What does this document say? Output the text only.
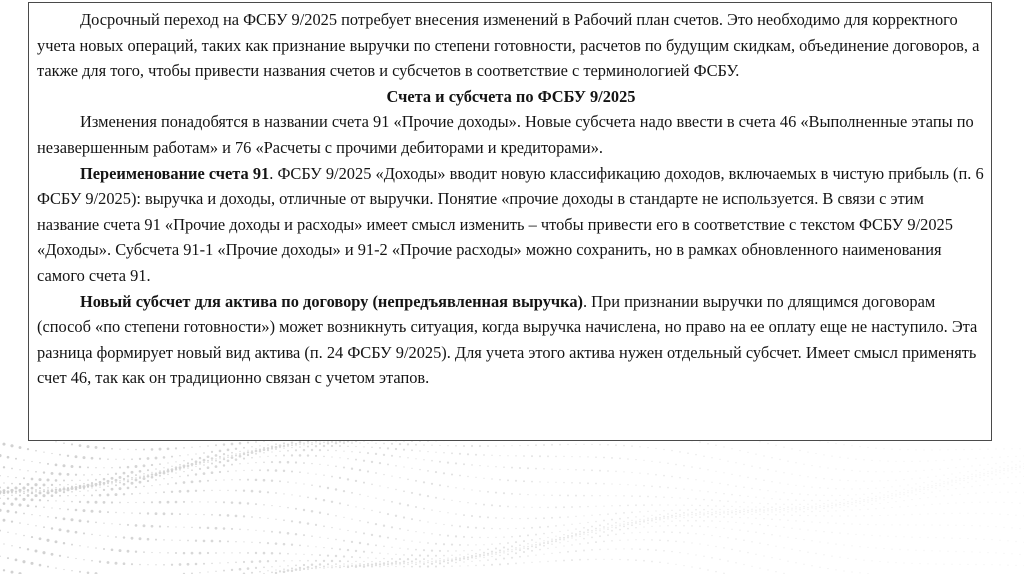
Досрочный переход на ФСБУ 9/2025 потребует внесения изменений в Рабочий план счетов. Это необходимо для корректного учета новых операций, таких как признание выручки по степени готовности, расчетов по будущим скидкам, объединение договоров, а также для того, чтобы привести названия счетов и субсчетов в соответствие с терминологией ФСБУ.

Счета и субсчета по ФСБУ 9/2025

Изменения понадобятся в названии счета 91 «Прочие доходы». Новые субсчета надо ввести в счета 46 «Выполненные этапы по незавершенным работам» и 76 «Расчеты с прочими дебиторами и кредиторами».

Переименование счета 91. ФСБУ 9/2025 «Доходы» вводит новую классификацию доходов, включаемых в чистую прибыль (п. 6 ФСБУ 9/2025): выручка и доходы, отличные от выручки. Понятие «прочие доходы в стандарте не используется. В связи с этим название счета 91 «Прочие доходы и расходы» имеет смысл изменить – чтобы привести его в соответствие с текстом ФСБУ 9/2025 «Доходы». Субсчета 91-1 «Прочие доходы» и 91-2 «Прочие расходы» можно сохранить, но в рамках обновленного наименования самого счета 91.

Новый субсчет для актива по договору (непредъявленная выручка). При признании выручки по длящимся договорам (способ «по степени готовности») может возникнуть ситуация, когда выручка начислена, но право на ее оплату еще не наступило. Эта разница формирует новый вид актива (п. 24 ФСБУ 9/2025). Для учета этого актива нужен отдельный субсчет. Имеет смысл применять счет 46, так как он традиционно связан с учетом этапов.
